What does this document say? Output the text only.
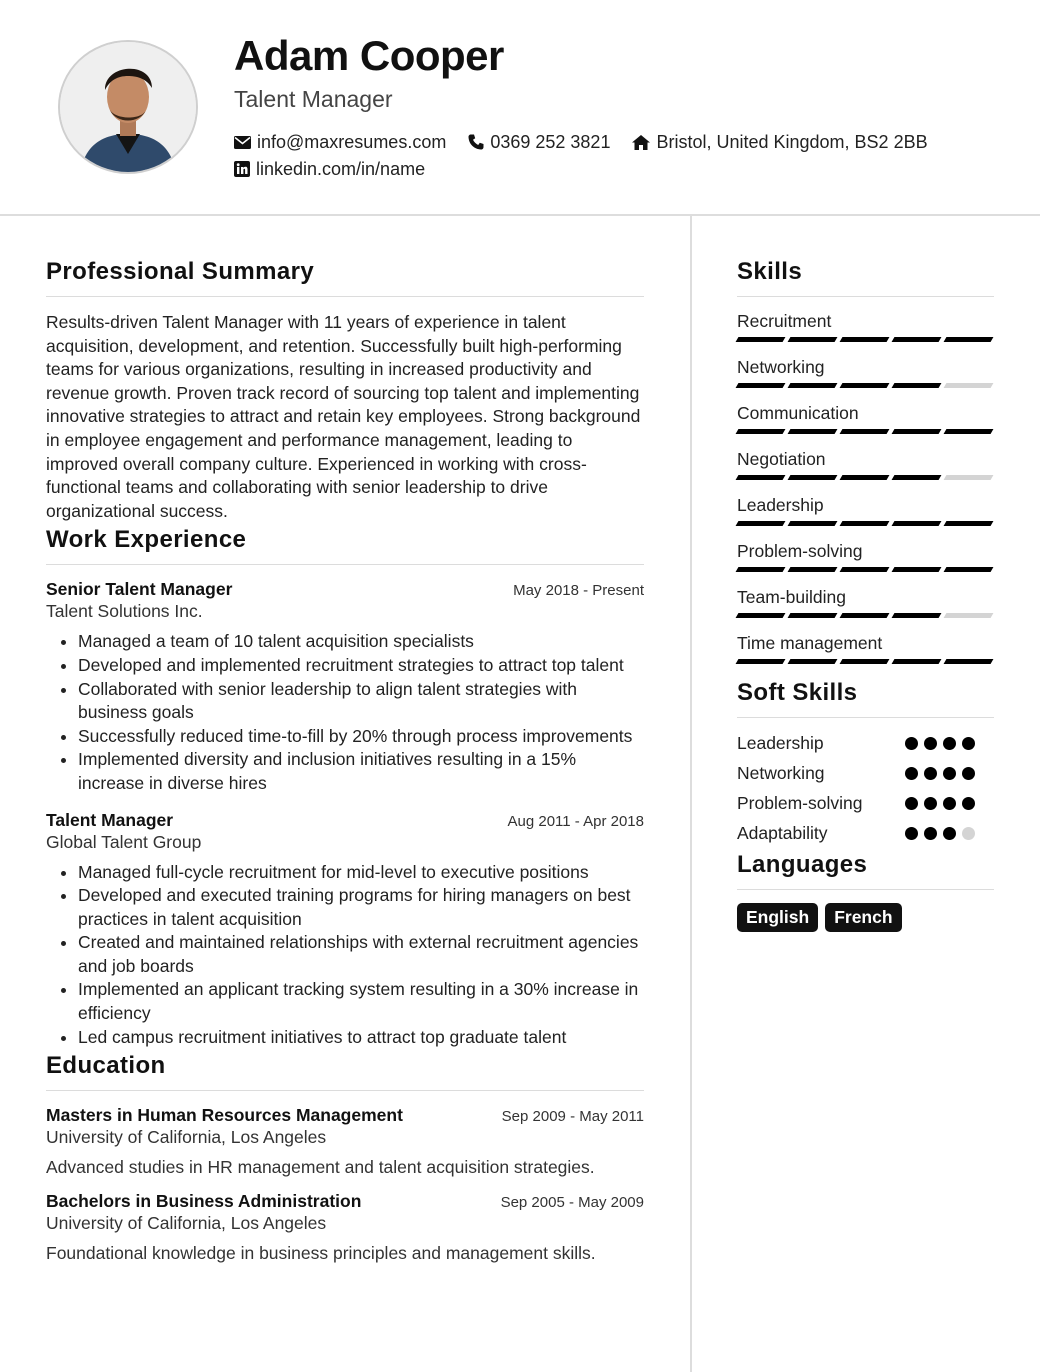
Adam Cooper
Talent Manager
info@maxresumes.com 0369 252 3821	Bristol, United Kingdom, BS2 2BB
linkedin.com/in/name
Professional Summary

Results-driven Talent Manager with 11 years of experience in talent acquisition, development, and retention. Successfully built high-performing teams for various organizations, resulting in increased productivity and revenue growth. Proven track record of sourcing top talent and implementing innovative strategies to attract and retain key employees. Strong background in employee engagement and performance management, leading to improved overall company culture. Experienced in working with cross-functional teams and collaborating with senior leadership to drive organizational success.

Work Experience
Senior Talent Manager	May 2018 - Present
Talent Solutions Inc.
• Managed a team of 10 talent acquisition specialists
• Developed and implemented recruitment strategies to attract top talent
• Collaborated with senior leadership to align talent strategies with business goals
• Successfully reduced time-to-fill by 20% through process improvements
• Implemented diversity and inclusion initiatives resulting in a 15% increase in diverse hires
Talent Manager	Aug 2011 - Apr 2018
Global Talent Group
• Managed full-cycle recruitment for mid-level to executive positions
• Developed and executed training programs for hiring managers on best practices in talent acquisition
• Created and maintained relationships with external recruitment agencies and job boards
• Implemented an applicant tracking system resulting in a 30% increase in efficiency
• Led campus recruitment initiatives to attract top graduate talent
Education
Masters in Human Resources Management	Sep 2009 - May 2011
University of California, Los Angeles
Advanced studies in HR management and talent acquisition strategies.
Bachelors in Business Administration	Sep 2005 - May 2009
University of California, Los Angeles
Foundational knowledge in business principles and management skills.
Skills
Recruitment
Networking
Communication
Negotiation
Leadership
Problem-solving
Team-building
Time management
Soft Skills
Leadership
Networking
Problem-solving
Adaptability
Languages
English	French
